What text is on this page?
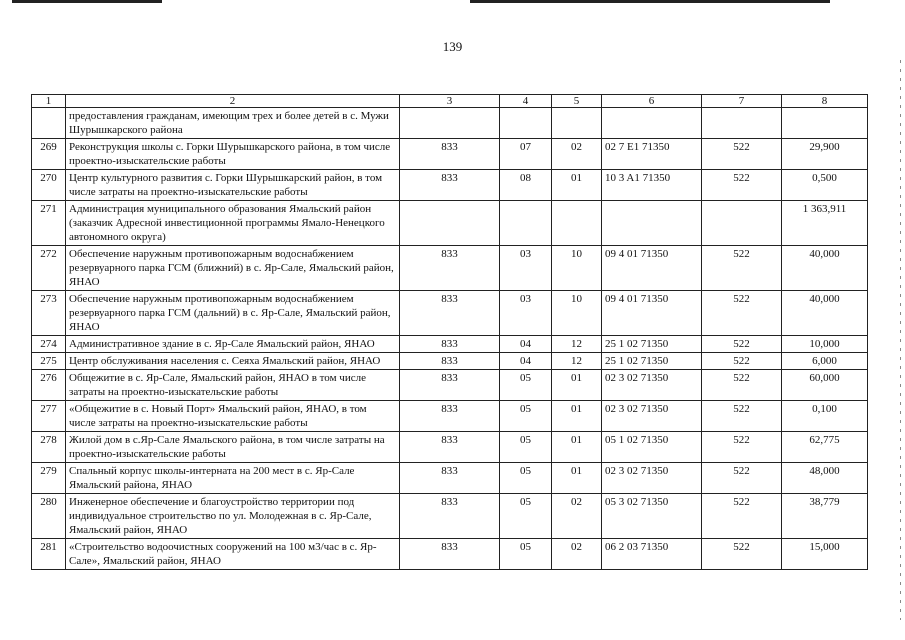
139
1	2	3	4	5	6	7	8
	предоставления гражданам, имеющим трех и более детей в с. Мужи Шурышкарского района						
269	Реконструкция школы с. Горки Шурышкарского района, в том числе проектно-изыскательские работы	833	07	02	02 7 E1 71350	522	29,900
270	Центр культурного развития с. Горки Шурышкарский район, в том числе затраты на проектно-изыскательские работы	833	08	01	10 3 A1 71350	522	0,500
271	Администрация муниципального образования Ямальский район (заказчик Адресной инвестиционной программы Ямало-Ненецкого автономного округа)						1 363,911
272	Обеспечение наружным противопожарным водоснабжением резервуарного парка ГСМ (ближний) в с. Яр-Сале, Ямальский район, ЯНАО	833	03	10	09 4 01 71350	522	40,000
273	Обеспечение наружным противопожарным водоснабжением резервуарного парка ГСМ (дальний) в с. Яр-Сале, Ямальский район, ЯНАО	833	03	10	09 4 01 71350	522	40,000
274	Административное здание в с. Яр-Сале Ямальский район, ЯНАО	833	04	12	25 1 02 71350	522	10,000
275	Центр обслуживания населения с. Сеяха Ямальский район, ЯНАО	833	04	12	25 1 02 71350	522	6,000
276	Общежитие в с. Яр-Сале, Ямальский район, ЯНАО в том числе затраты на проектно-изыскательские работы	833	05	01	02 3 02 71350	522	60,000
277	«Общежитие в с. Новый Порт» Ямальский район, ЯНАО, в том числе затраты на проектно-изыскательские работы	833	05	01	02 3 02 71350	522	0,100
278	Жилой дом в с.Яр-Сале Ямальского района, в том числе затраты на проектно-изыскательские работы	833	05	01	05 1 02 71350	522	62,775
279	Спальный корпус школы-интерната на 200 мест в с. Яр-Сале Ямальский района, ЯНАО	833	05	01	02 3 02 71350	522	48,000
280	Инженерное обеспечение и благоустройство территории под индивидуальное строительство по ул. Молодежная в с. Яр-Сале, Ямальский район, ЯНАО	833	05	02	05 3 02 71350	522	38,779
281	«Строительство водоочистных сооружений на 100 м3/час в с. Яр-Сале», Ямальский район, ЯНАО	833	05	02	06 2 03 71350	522	15,000
